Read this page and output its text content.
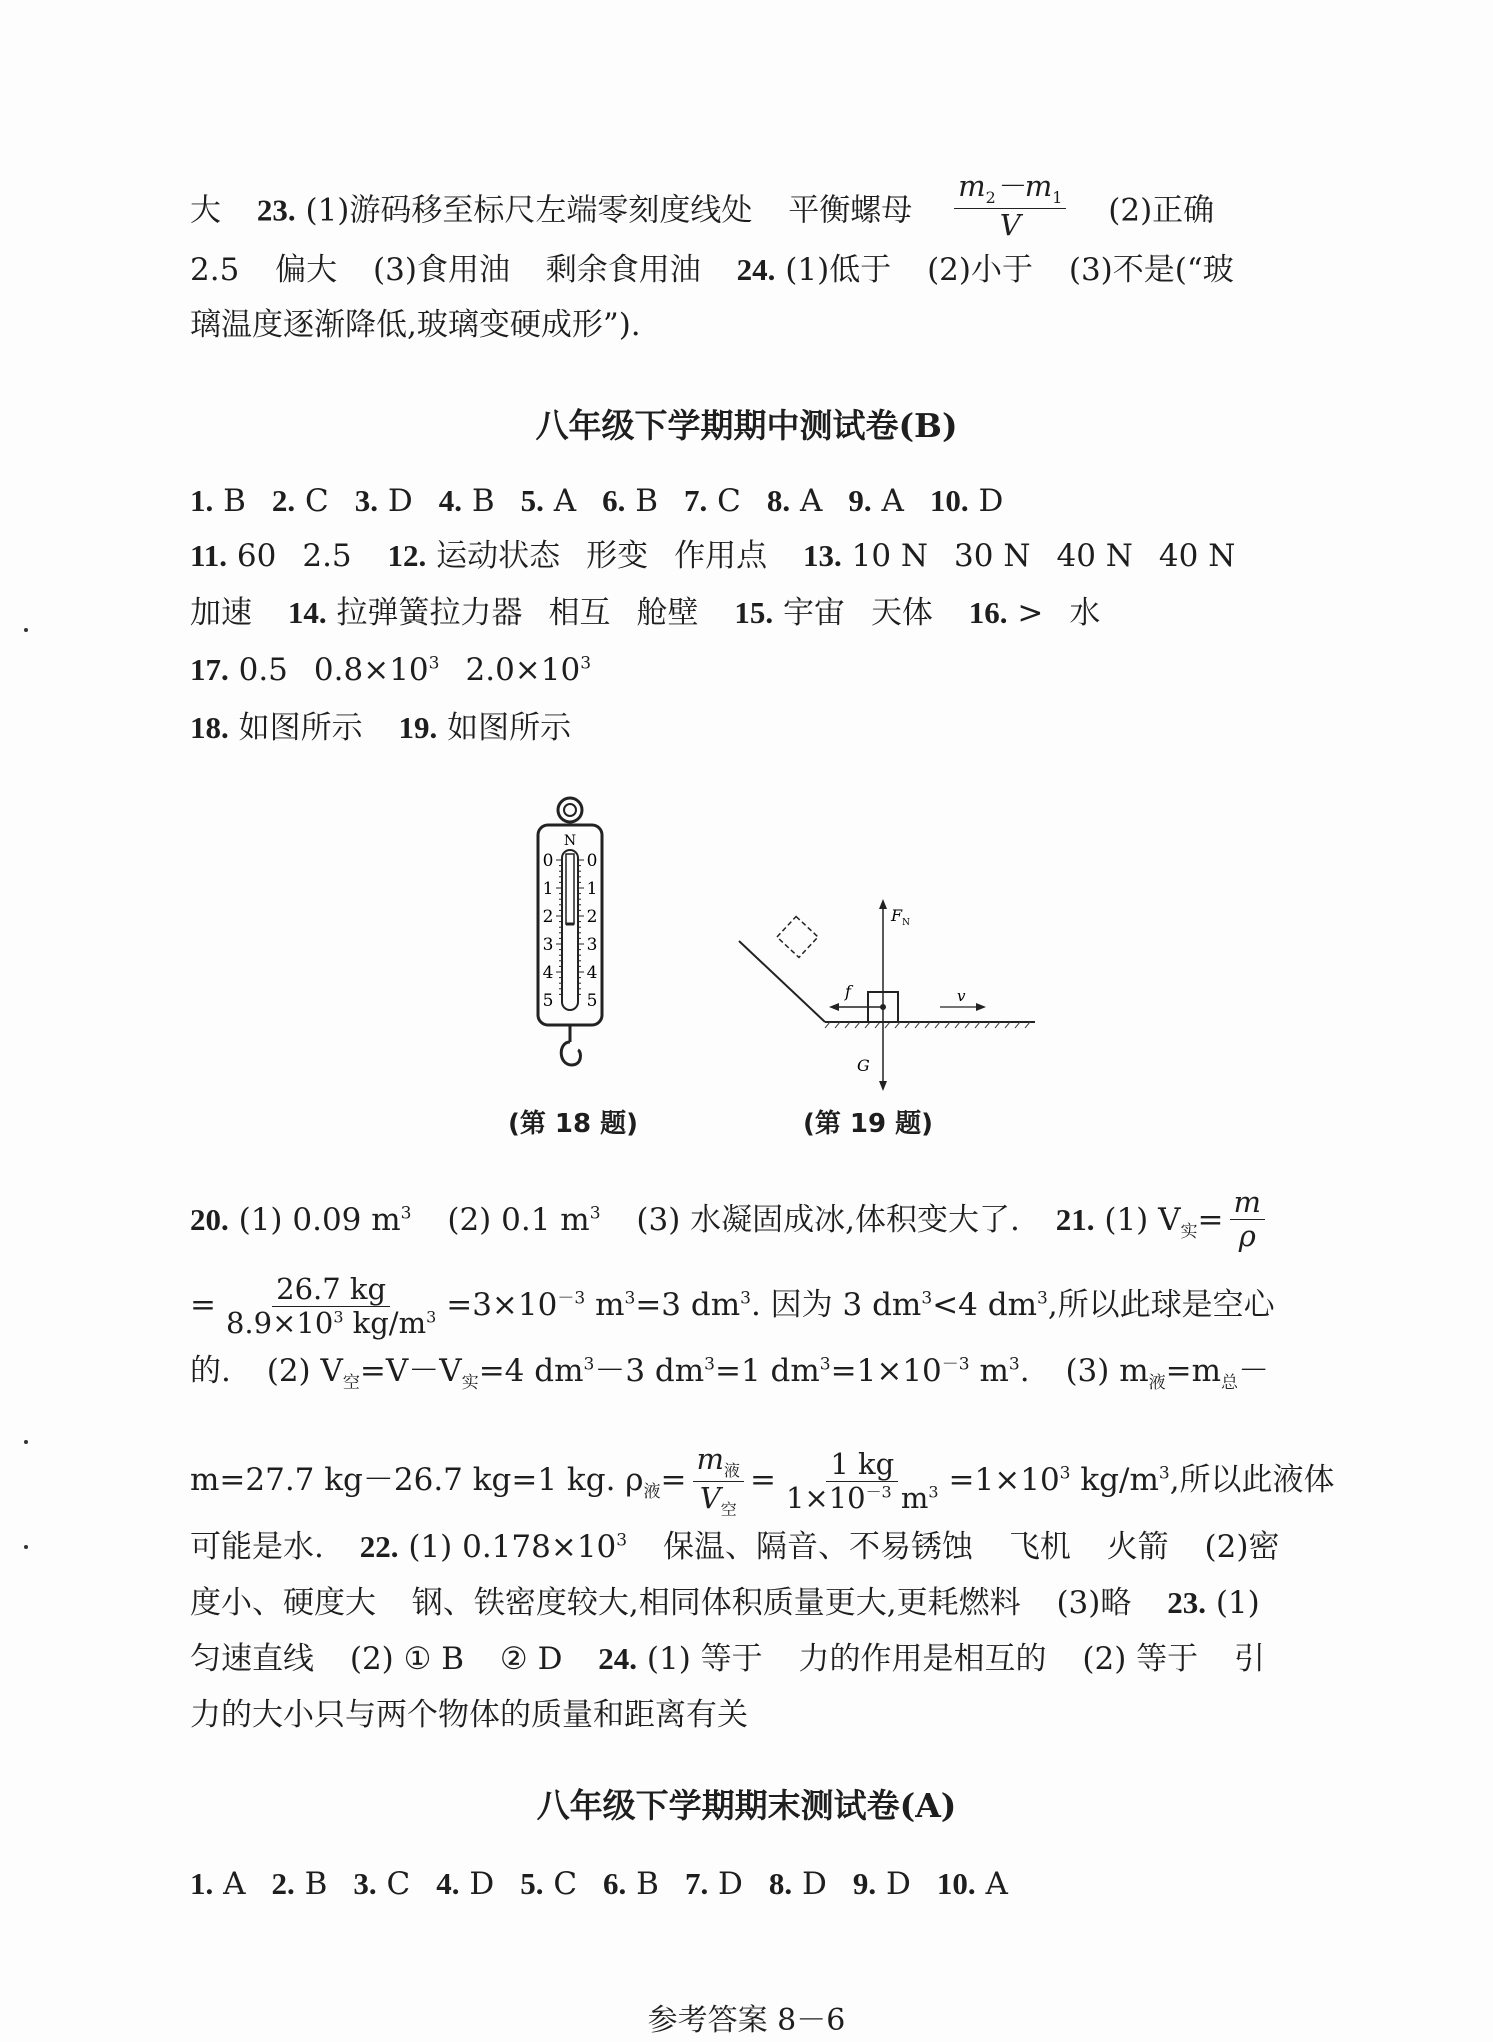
大 23. (1)游码移至标尺左端零刻度线处 平衡螺母 $\frac{m_2-m_1}{V} (2)$正确
2.5 偏大 (3)食用油 剩余食用油 24. (1)低于 (2)小于 (3)不是(“玻
璃温度逐渐降低,玻璃变硬成形”).
八年级下学期期中测试卷(B)
1. B 2. C 3. D 4. B 5. A 6. B 7. C 8. A 9. A 10. D
11. 60 2.5 12. 运动状态 形变 作用点 13. 10 N 30 N 40 N 40 N
加速 14. 拉弹簧拉力器 相互 舱壁 15. 宇宙 天体 16. > 水
17. 0.5 $0.8\times 10^3$ $2.0\times 10^3$
18. 如图所示 19. 如图所示
N
0 0
1 1
2 2
3 3
4 4
5 5
(第 18 题)
$F_N$
f	v
G
(第 19 题)
20. (1) 0.09 $m^3$ (2) 0.1 $m^3$ (3) 水凝固成冰,体积变大了. 21. (1) $V_实= \frac{m}{\rho}$
= $\frac{26.7 kg}{8.9\times 10^3 kg/m^3} =3\times 10^{-3}$ $m^3=3$ $dm^3$. 因为 3 $dm^3<4$ $dm^3$,所以此球是空心
的. (2) $V_空=V-V_实=4$ $dm^3-3$ $dm^3=1$ $dm^3=1\times 10^{-3}$ $m^3$. (3) $m_液=m_总-$
m=27.7 kg－26.7 kg=1 kg. $\rho_液= \frac{m_液}{V_空} = \frac{1 kg}{1\times 10^{-3} m^3} =1\times 10^3$ $kg/m^3$,所以此液体
可能是水. 22. (1) $0.178\times 10^3$ 保温、隔音、不易锈蚀 飞机 火箭 (2)密
度小、硬度大 钢、铁密度较大,相同体积质量更大,更耗燃料 (3)略 23. (1)
匀速直线 (2) ① B ② D 24. (1) 等于 力的作用是相互的 (2) 等于 引
力的大小只与两个物体的质量和距离有关
八年级下学期期末测试卷(A)
1. A 2. B 3. C 4. D 5. C 6. B 7. D 8. D 9. D 10. A
参考答案 8－6
